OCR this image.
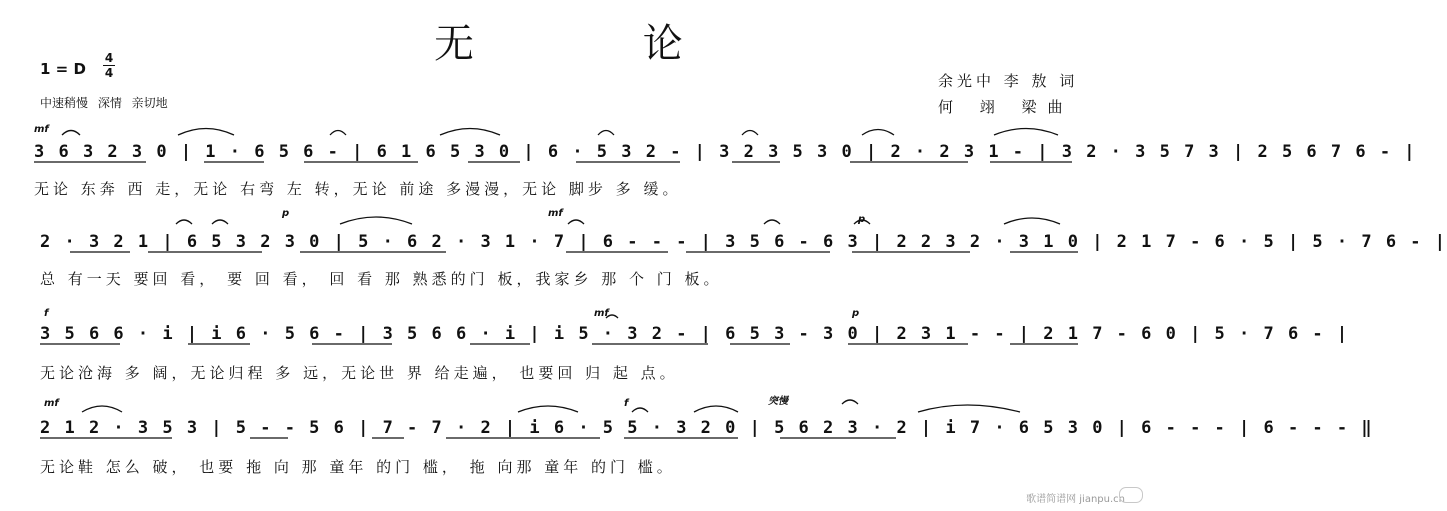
无 论
1 = D
4
4
中速稍慢 深情 亲切地
余光中 李 敖 词
何 翊 梁曲
mf
3 6 3 2 3 0 | 1 · 6 5 6 - | 6 1 6 5 3 0 | 6 · 5 3 2 - | 3 2 3 5 3 0 | 2 · 2 3 1 - | 3 2 · 3 5 7 3 | 2 5 6 7 6 - |
无论 东奔 西 走，无论 右弯 左 转，无论 前途 多漫漫，无论 脚步 多 缓。
p	mf
p
2 · 3 2 1 | 6 5 3 2 3 0 | 5 · 6 2 · 3 1 · 7 | 6 - - - | 3 5 6 - 6 3 | 2 2 3 2 · 3 1 0 | 2 1 7 - 6 · 5 | 5 · 7 6 - |
总 有一天 要回 看， 要 回 看， 回 看 那 熟悉的门 板，我家乡 那 个 门 板。
f	mf	p
3 5 6 6 · i | i 6 · 5 6 - | 3 5 6 6 · i | i 5 · 3 2 - | 6 5 3 - 3 0 | 2 3 1 - - | 2 1 7 - 6 0 | 5 · 7 6 - |
无论沧海 多 阔，无论归程 多 远，无论世 界 给走遍， 也要回 归 起 点。
mf	f	突慢
2 1 2 · 3 5 3 | 5 - - 5 6 | 7 - 7 · 2 | i 6 · 5 5 · 3 2 0 | 5 6 2 3 · 2 | i 7 · 6 5 3 0 | 6 - - - | 6 - - - ‖
无论鞋 怎么 破， 也要 拖 向 那 童年 的门 槛， 拖 向那 童年 的门 槛。
歌谱简谱网 jianpu.cn
